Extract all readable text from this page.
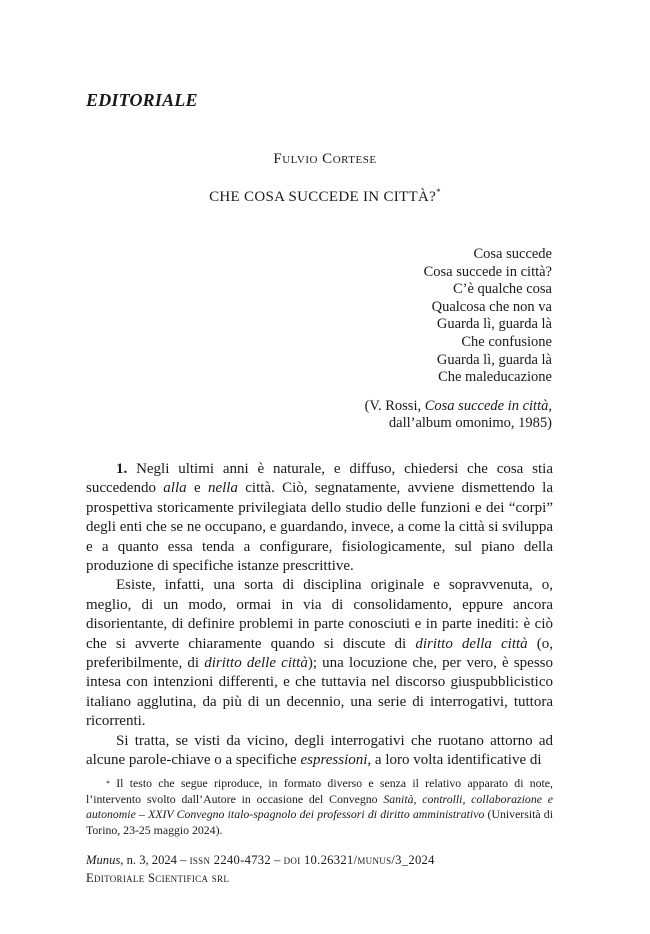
EDITORIALE
Fulvio Cortese
CHE COSA SUCCEDE IN CITTÀ?*
Cosa succede
Cosa succede in città?
C’è qualche cosa
Qualcosa che non va
Guarda lì, guarda là
Che confusione
Guarda lì, guarda là
Che maleducazione
(V. Rossi, Cosa succede in città,
dall’album omonimo, 1985)

1. Negli ultimi anni è naturale, e diffuso, chiedersi che cosa stia succedendo alla e nella città. Ciò, segnatamente, avviene dismettendo la prospettiva storicamente privilegiata dello studio delle funzioni e dei “corpi” degli enti che se ne occupano, e guardando, invece, a come la città si sviluppa e a quanto essa tenda a configurare, fisiologicamente, sul piano della produzione di specifiche istanze prescrittive.

Esiste, infatti, una sorta di disciplina originale e sopravvenuta, o, meglio, di un modo, ormai in via di consolidamento, eppure ancora disorientante, di definire problemi in parte conosciuti e in parte inediti: è ciò che si avverte chiaramente quando si discute di diritto della città (o, preferibilmente, di diritto delle città); una locuzione che, per vero, è spesso intesa con intenzioni differenti, e che tuttavia nel discorso giuspubblicistico italiano agglutina, da più di un decennio, una serie di interrogativi, tuttora ricorrenti.

Si tratta, se visti da vicino, degli interrogativi che ruotano attorno ad alcune parole-chiave o a specifiche espressioni, a loro volta identificative di

* Il testo che segue riproduce, in formato diverso e senza il relativo apparato di note, l’intervento svolto dall’Autore in occasione del Convegno Sanità, controlli, collaborazione e autonomie – XXIV Convegno italo-spagnolo dei professori di diritto amministrativo (Università di Torino, 23-25 maggio 2024).

Munus, n. 3, 2024 – issn 2240-4732 – doi 10.26321/munus/3_2024
Editoriale Scientifica srl
